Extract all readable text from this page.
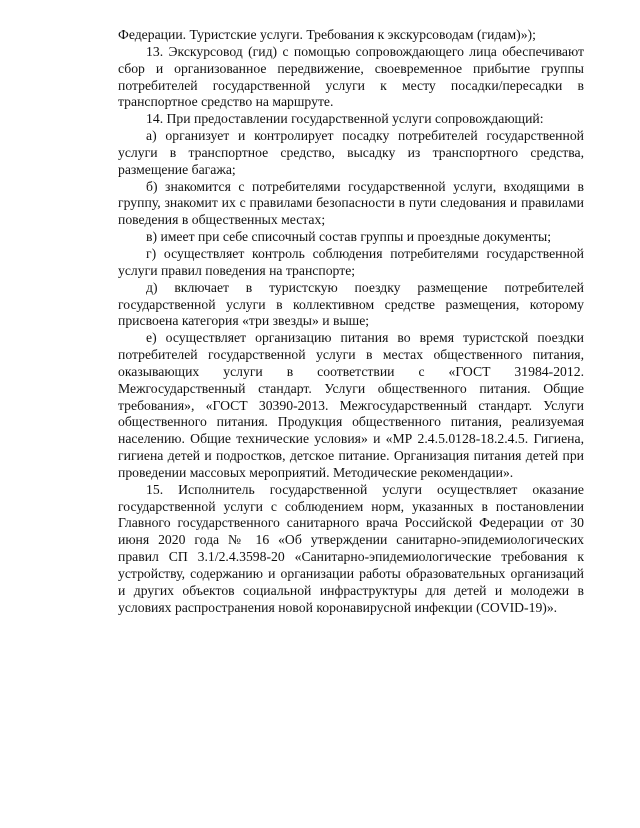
Федерации. Туристские услуги. Требования к экскурсоводам (гидам)»);

13. Экскурсовод (гид) с помощью сопровождающего лица обеспечивают сбор и организованное передвижение, своевременное прибытие группы потребителей государственной услуги к месту посадки/пересадки в транспортное средство на маршруте.

14. При предоставлении государственной услуги сопровождающий:

а) организует и контролирует посадку потребителей государственной услуги в транспортное средство, высадку из транспортного средства, размещение багажа;

б) знакомится с потребителями государственной услуги, входящими в группу, знакомит их с правилами безопасности в пути следования и правилами поведения в общественных местах;

в) имеет при себе списочный состав группы и проездные документы;

г) осуществляет контроль соблюдения потребителями государственной услуги правил поведения на транспорте;

д) включает в туристскую поездку размещение потребителей государственной услуги в коллективном средстве размещения, которому присвоена категория «три звезды» и выше;

е) осуществляет организацию питания во время туристской поездки потребителей государственной услуги в местах общественного питания, оказывающих услуги в соответствии с «ГОСТ 31984-2012. Межгосударственный стандарт. Услуги общественного питания. Общие требования», «ГОСТ 30390-2013. Межгосударственный стандарт. Услуги общественного питания. Продукция общественного питания, реализуемая населению. Общие технические условия» и «МР 2.4.5.0128-18.2.4.5. Гигиена, гигиена детей и подростков, детское питание. Организация питания детей при проведении массовых мероприятий. Методические рекомендации».

15. Исполнитель государственной услуги осуществляет оказание государственной услуги с соблюдением норм, указанных в постановлении Главного государственного санитарного врача Российской Федерации от 30 июня 2020 года № 16 «Об утверждении санитарно-эпидемиологических правил СП 3.1/2.4.3598-20 «Санитарно-эпидемиологические требования к устройству, содержанию и организации работы образовательных организаций и других объектов социальной инфраструктуры для детей и молодежи в условиях распространения новой коронавирусной инфекции (COVID-19)».
